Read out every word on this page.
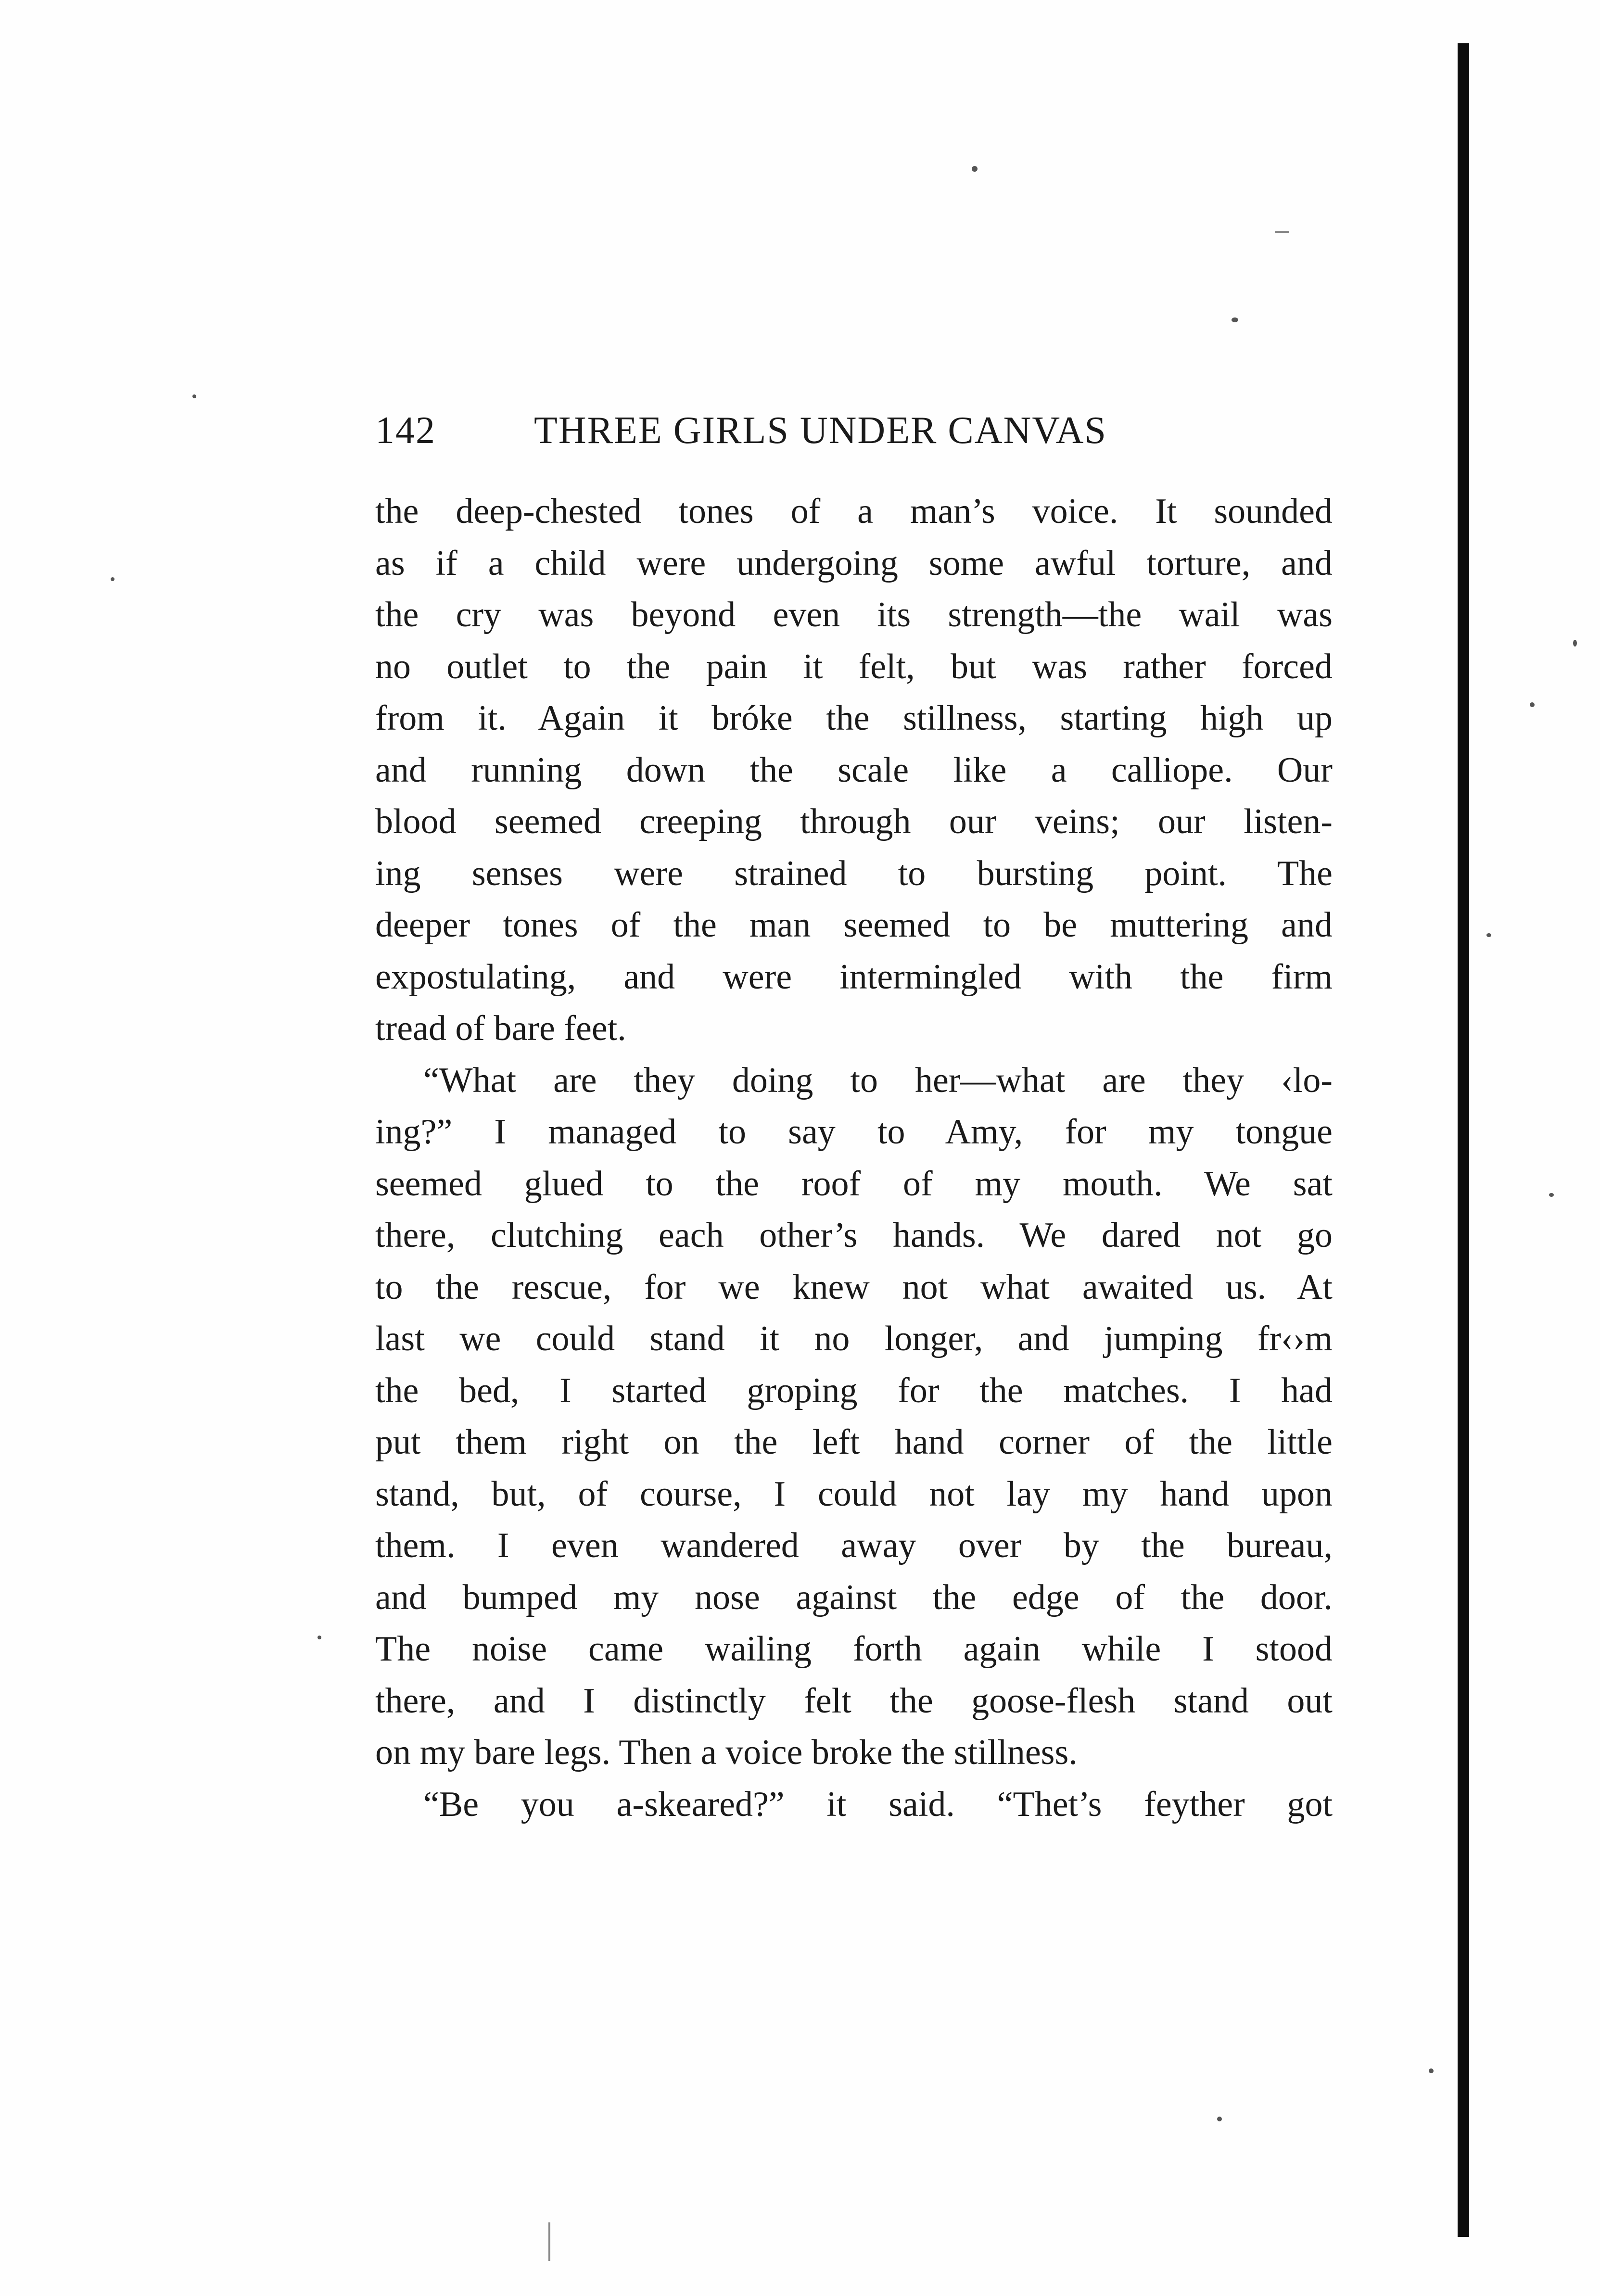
142	THREE GIRLS UNDER CANVAS
the deep-chested tones of a man’s voice. It sounded
as if a child were undergoing some awful torture, and
the cry was beyond even its strength—the wail was
no outlet to the pain it felt, but was rather forced
from it. Again it bróke the stillness, starting high up
and running down the scale like a calliope. Our
blood seemed creeping through our veins; our listen-
ing senses were strained to bursting point. The
deeper tones of the man seemed to be muttering and
expostulating, and were intermingled with the firm
tread of bare feet.
“What are they doing to her—what are they ‹lo-
ing?” I managed to say to Amy, for my tongue
seemed glued to the roof of my mouth. We sat
there, clutching each other’s hands. We dared not go
to the rescue, for we knew not what awaited us. At
last we could stand it no longer, and jumping fr‹›m
the bed, I started groping for the matches. I had
put them right on the left hand corner of the little
stand, but, of course, I could not lay my hand upon
them. I even wandered away over by the bureau,
and bumped my nose against the edge of the door.
The noise came wailing forth again while I stood
there, and I distinctly felt the goose-flesh stand out
on my bare legs. Then a voice broke the stillness.
“Be you a-skeared?” it said. “Thet’s feyther got
